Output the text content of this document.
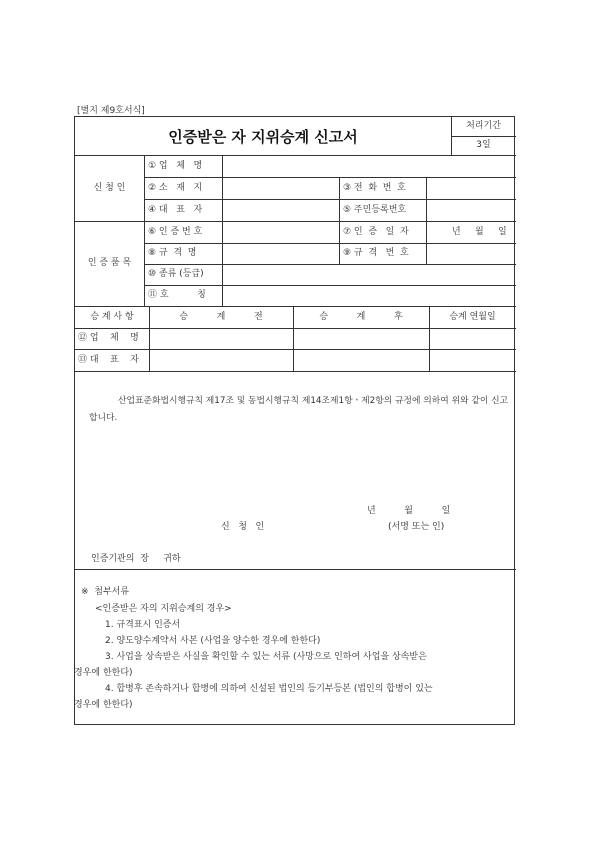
[별지 제9호서식]
인증받은 자 지위승계 신고서
처리기간
3일
신 청 인
① 업   체   명
② 소   재   지	③ 전  화  번  호
④ 대   표   자	⑤ 주민등록번호
인 증 품 목
⑥ 인 증 번 호	⑦ 인  증   일  자	년     월     일
⑧ 규  격  명	⑨ 규  격   번  호
⑩ 종류 (등급)
⑪ 호          칭
승 계 사 항	승          계          전	승          계          후	승계 연월일
⑫ 업    체    명
⑬ 대    표    자
산업표준화법시행규칙 제17조 및 동법시행규칙 제14조제1항ㆍ제2항의 규정에 의하여 위와 같이 신고합니다.
년          월          일
신   청   인	(서명 또는 인)
인증기관의  장     귀하
※  첨부서류
<인증받은 자의 지위승계의 경우>
1. 규격표시 인증서
2. 양도양수계약서 사본 (사업을 양수한 경우에 한한다)
3. 사업을 상속받은 사실을 확인할 수 있는 서류 (사망으로 인하여 사업을 상속받은
경우에 한한다)
4. 합병후 존속하거나 합병에 의하여 신설된 법인의 등기부등본 (법인의 합병이 있는
경우에 한한다)
